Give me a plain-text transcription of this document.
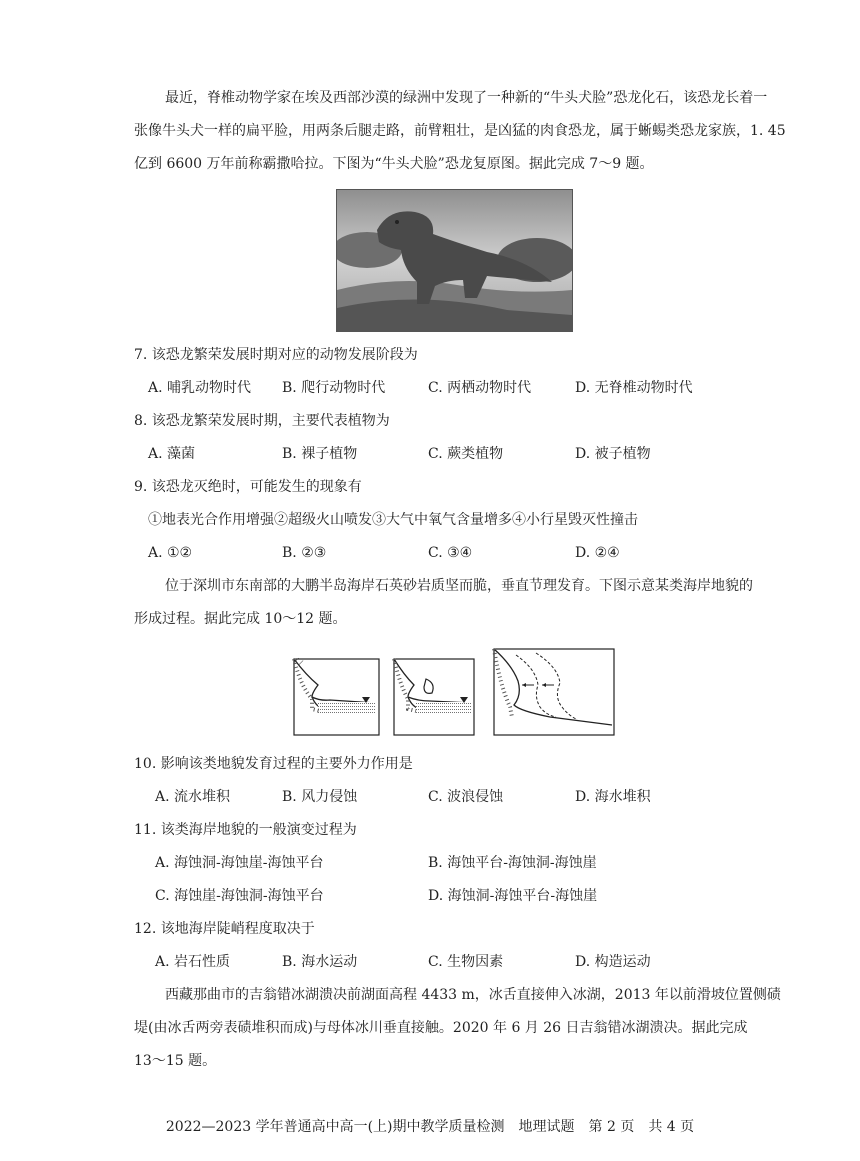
最近，脊椎动物学家在埃及西部沙漠的绿洲中发现了一种新的“牛头犬脸”恐龙化石，该恐龙长着一
张像牛头犬一样的扁平脸，用两条后腿走路，前臂粗壮，是凶猛的肉食恐龙，属于蜥蜴类恐龙家族，1. 45
亿到 6600 万年前称霸撒哈拉。下图为“牛头犬脸”恐龙复原图。据此完成 7～9 题。
7. 该恐龙繁荣发展时期对应的动物发展阶段为
A. 哺乳动物时代 B. 爬行动物时代	C. 两栖动物时代	D. 无脊椎动物时代
8. 该恐龙繁荣发展时期，主要代表植物为
A. 藻菌	B. 裸子植物	C. 蕨类植物	D. 被子植物
9. 该恐龙灭绝时，可能发生的现象有
①地表光合作用增强②超级火山喷发③大气中氧气含量增多④小行星毁灭性撞击
A. ①②	B. ②③	C. ③④	D. ②④
位于深圳市东南部的大鹏半岛海岸石英砂岩质坚而脆，垂直节理发育。下图示意某类海岸地貌的
形成过程。据此完成 10～12 题。
10. 影响该类地貌发育过程的主要外力作用是
A. 流水堆积	B. 风力侵蚀	C. 波浪侵蚀	D. 海水堆积
11. 该类海岸地貌的一般演变过程为
A. 海蚀洞-海蚀崖-海蚀平台	B. 海蚀平台-海蚀洞-海蚀崖
C. 海蚀崖-海蚀洞-海蚀平台	D. 海蚀洞-海蚀平台-海蚀崖
12. 该地海岸陡峭程度取决于
A. 岩石性质	B. 海水运动	C. 生物因素	D. 构造运动
西藏那曲市的吉翁错冰湖溃决前湖面高程 4433 m，冰舌直接伸入冰湖，2013 年以前滑坡位置侧碛
堤(由冰舌两旁表碛堆积而成)与母体冰川垂直接触。2020 年 6 月 26 日吉翁错冰湖溃决。据此完成
13～15 题。
2022—2023 学年普通高中高一(上)期中教学质量检测　地理试题　第 2 页　共 4 页
